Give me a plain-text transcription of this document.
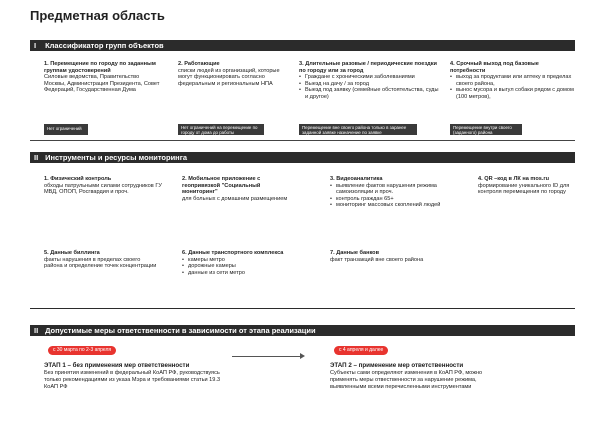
Предметная область
I Классификатор групп объектов
1. Перемещение по городу по заданным группам удостоверений
Силовые ведомства, Правительство Москвы, Администрация Президента, Совет Федераций, Государственная Дума
Нет ограничений
2. Работающие
списки людей из организаций, которые могут функционировать согласно федеральным и региональным НПА
Нет ограничений на перемещение по городу от дома до работы
3. Длительные разовые / периодические поездки по городу или за город
• Граждане с хроническими заболеваниями
• Выезд на дачу / за город
• Выезд под заявку (семейные обстоятельства, суды и другое)
Перемещение вне своего района только в заранее заданной заявке назначение по заявке
4. Срочный выход под базовые потребности
• выход за продуктами или аптеку в пределах своего района,
• вынос мусора и выгул собаки рядом с домом (100 метров),
Перемещение внутри своего (заданного) района
II Инструменты и ресурсы мониторинга
1. Физический контроль
обходы патрульными силами сотрудников ГУ МВД, ОПОП, Росгвардия и проч.
2. Мобильное приложение с геопривязкой "Социальный мониторинг"
для больных с домашним размещением
3. Видеоаналитика
• выявление фактов нарушения режима самоизоляции и проч.
• контроль граждан 65+
• мониторинг массовых скоплений людей
4. QR –код в ЛК на mos.ru
формирование уникального ID для контроля перемещения по городу
5. Данные биллинга
факты нарушения в пределах своего района и определение точек концентрации
6. Данные транспортного комплекса
• камеры метро
• дорожные камеры
• данные из сети метро
7. Данные банков
факт транзакций вне своего района
II Допустимые меры ответственности в зависимости от этапа реализации
с 30 марта по 2-3 апреля
ЭТАП 1 – без применения мер ответственности
Без принятия изменений в федеральный КоАП РФ, руководствуясь только рекомендациями из указа Мэра и требованиями статьи 19.3 КоАП РФ
с 4 апреля и далее
ЭТАП 2 – применение мер ответственности
Субъекты сами определяют изменения в КоАП РФ, можно применять меры отвественности за нарушение режима, выявленными всеми перечисленными инструментами
